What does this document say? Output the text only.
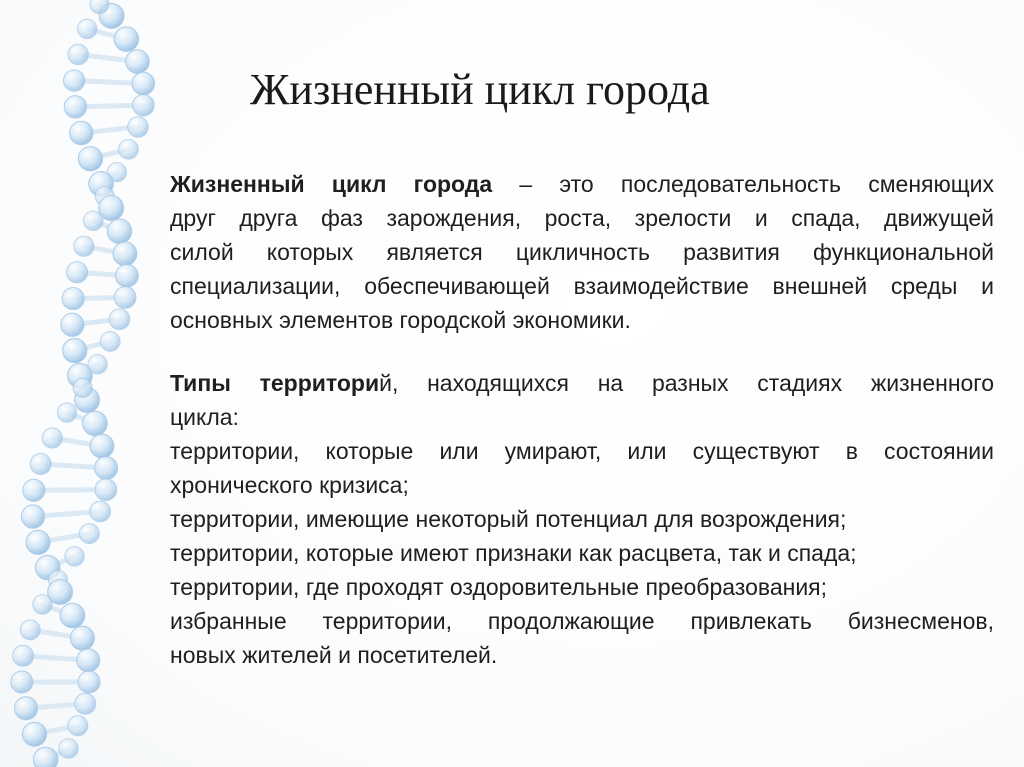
Жизненный цикл города
Жизненный цикл города – это последовательность сменяющих
друг друга фаз зарождения, роста, зрелости и спада, движущей
силой которых является цикличность развития функциональной
специализации, обеспечивающей взаимодействие внешней среды и
основных элементов городской экономики.
Типы территорий, находящихся на разных стадиях жизненного
цикла:
территории, которые или умирают, или существуют в состоянии
хронического кризиса;
территории, имеющие некоторый потенциал для возрождения;
территории, которые имеют признаки как расцвета, так и спада;
территории, где проходят оздоровительные преобразования;
избранные территории, продолжающие привлекать бизнесменов,
новых жителей и посетителей.
